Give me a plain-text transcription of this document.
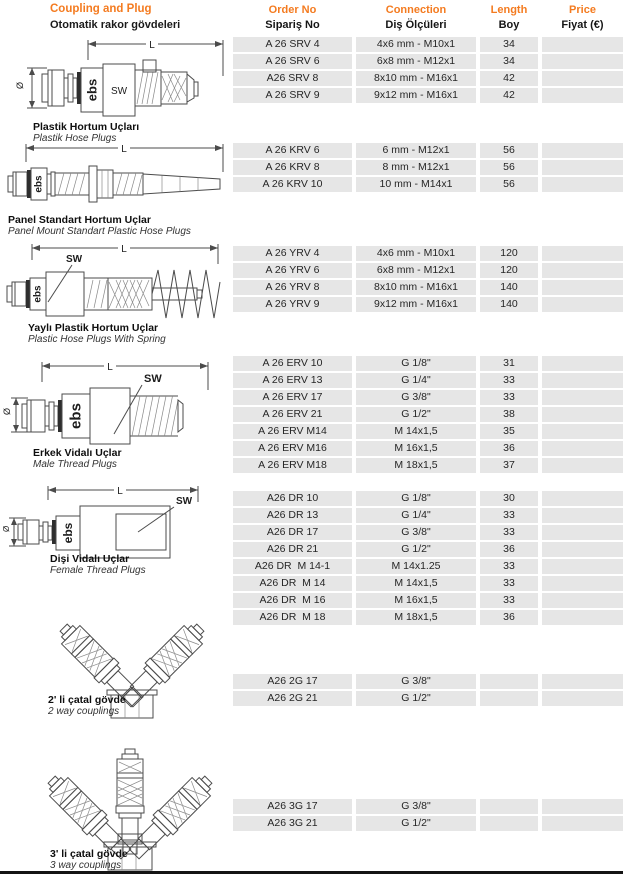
Coupling and Plug
Otomatik rakor gövdeleri
Order No	Connection	Length	Price
Sipariş No	Diş Ölçüleri	Boy	Fiyat (€)
A 26 SRV 4	4x6 mm - M10x1	34
A 26 SRV 6	6x8 mm - M12x1	34
A26 SRV 8	8x10 mm - M16x1	42
A 26 SRV 9	9x12 mm - M16x1	42
A 26 KRV 6	6 mm - M12x1	56
A 26 KRV 8	8 mm - M12x1	56
A 26 KRV 10	10 mm - M14x1	56
A 26 YRV 4	4x6 mm - M10x1	120
A 26 YRV 6	6x8 mm - M12x1	120
A 26 YRV 8	8x10 mm - M16x1	140
A 26 YRV 9	9x12 mm - M16x1	140
A 26 ERV 10	G 1/8"	31
A 26 ERV 13	G 1/4"	33
A 26 ERV 17	G 3/8"	33
A 26 ERV 21	G 1/2"	38
A 26 ERV M14	M 14x1,5	35
A 26 ERV M16	M 16x1,5	36
A 26 ERV M18	M 18x1,5	37
A26 DR 10	G 1/8"	30
A26 DR 13	G 1/4"	33
A26 DR 17	G 3/8"	33
A26 DR 21	G 1/2"	36
A26 DR  M 14-1	M 14x1.25	33
A26 DR  M 14	M 14x1,5	33
A26 DR  M 16	M 16x1,5	33
A26 DR  M 18	M 18x1,5	36
A26 2G 17	G 3/8"
A26 2G 21	G 1/2"
A26 3G 17	G 3/8"
A26 3G 21	G 1/2"
L
Ø	ebs SW
Plastik Hortum Uçları
Plastik Hose Plugs
L
ebs
Panel Standart Hortum Uçlar
Panel Mount Standart Plastic Hose Plugs
L
SW
ebs
Yaylı Plastik Hortum Uçlar
Plastic Hose Plugs With Spring
L
SW
Ø	ebs
Erkek Vidalı Uçlar
Male Thread Plugs
L
SW
Ø	ebs
Dişi Vidalı Uçlar
Female Thread Plugs
2' li çatal gövde
2 way couplings
3' li çatal gövde
3 way couplings
